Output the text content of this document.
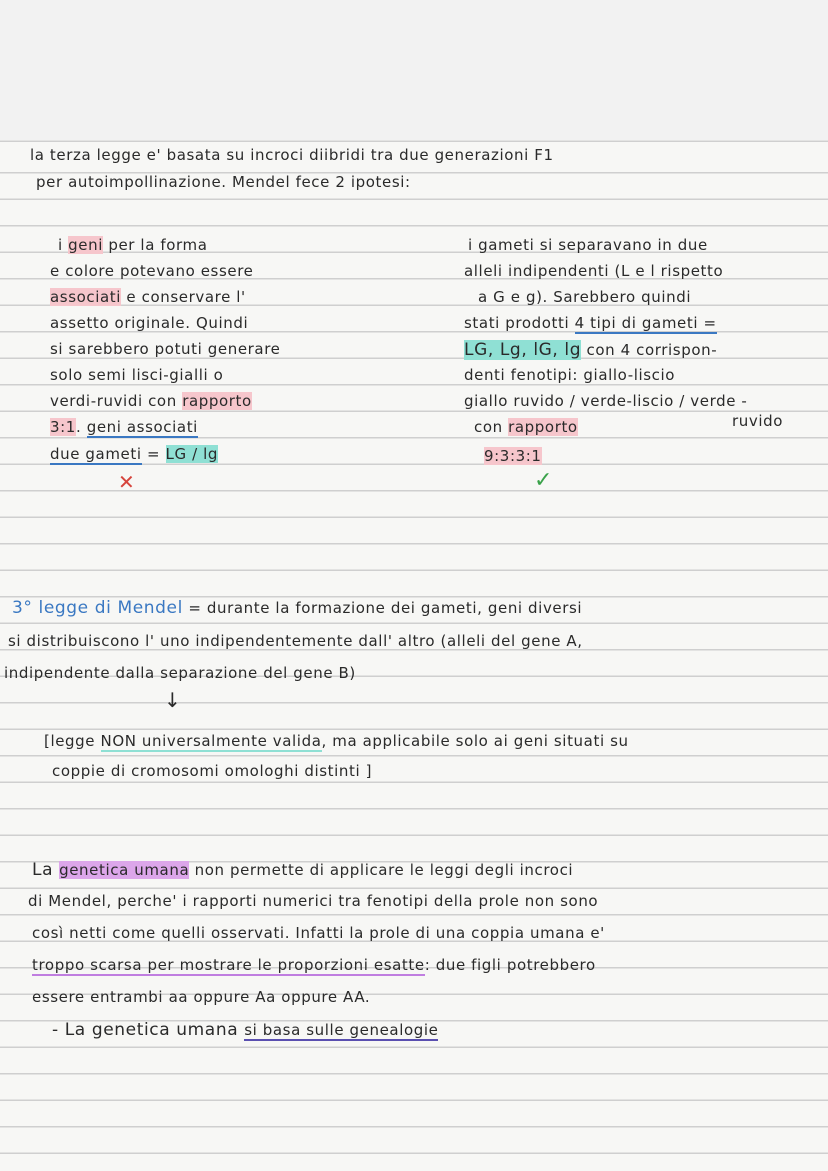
la terza legge e' basata su incroci diibridi tra due generazioni F1
per autoimpollinazione. Mendel fece 2 ipotesi:
i geni per la forma
e colore potevano essere
associati e conservare l'
assetto originale. Quindi
si sarebbero potuti generare
solo semi lisci-gialli o
verdi-ruvidi con rapporto
3:1. geni associati
due gameti = LG / lg
✕
i gameti si separavano in due
alleli indipendenti (L e l rispetto
a G e g). Sarebbero quindi
stati prodotti 4 tipi di gameti =
LG, Lg, lG, lg con 4 corrispon-
denti fenotipi: giallo-liscio
giallo ruvido / verde-liscio / verde -
con rapporto	ruvido
9:3:3:1
✓
3° legge di Mendel = durante la formazione dei gameti, geni diversi
si distribuiscono l' uno indipendentemente dall' altro (alleli del gene A,
indipendente dalla separazione del gene B)
↓
[legge NON universalmente valida, ma applicabile solo ai geni situati su
coppie di cromosomi omologhi distinti ]
La genetica umana non permette di applicare le leggi degli incroci
di Mendel, perche' i rapporti numerici tra fenotipi della prole non sono
così netti come quelli osservati. Infatti la prole di una coppia umana e'
troppo scarsa per mostrare le proporzioni esatte: due figli potrebbero
essere entrambi aa oppure Aa oppure AA.
- La genetica umana si basa sulle genealogie
